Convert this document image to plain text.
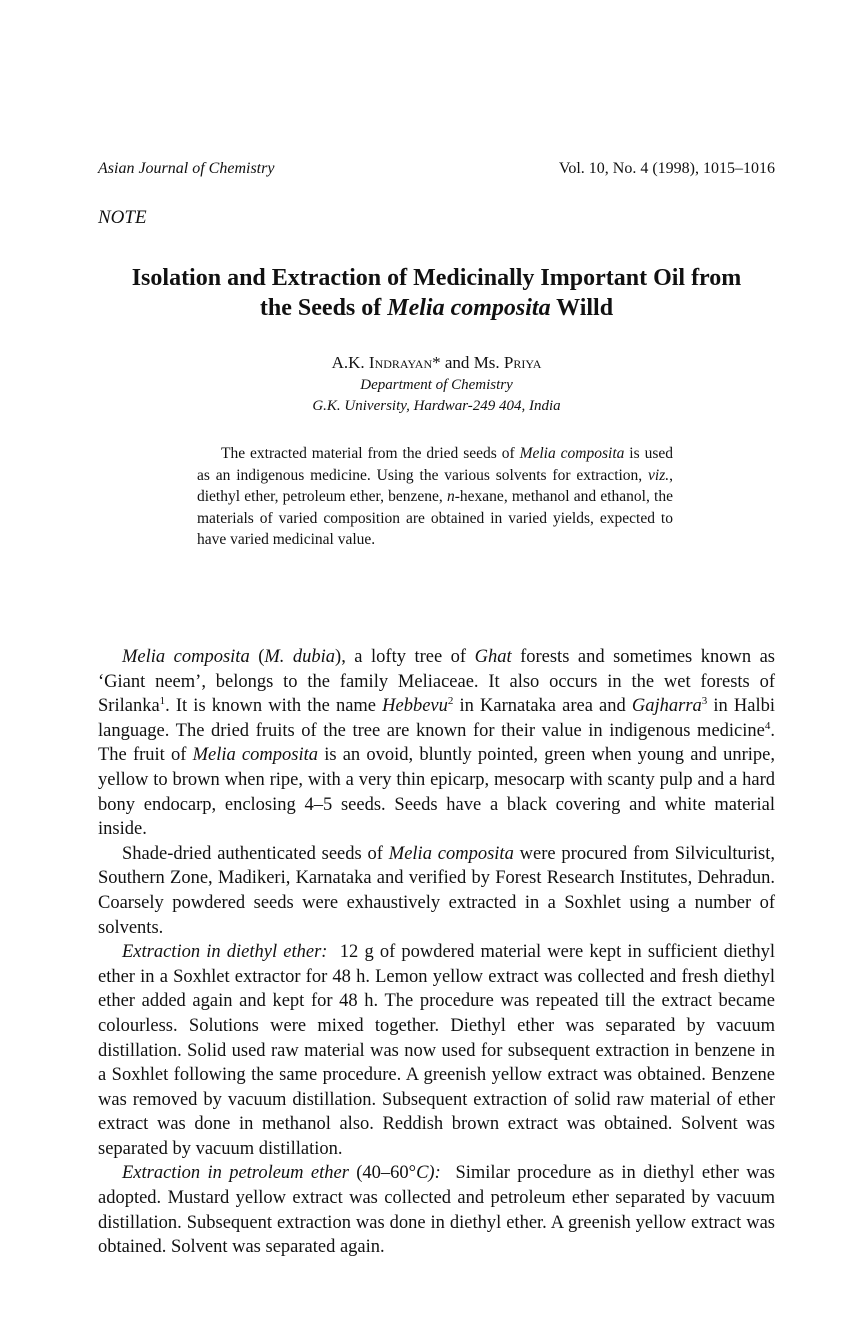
Asian Journal of Chemistry	Vol. 10, No. 4 (1998), 1015–1016
NOTE
Isolation and Extraction of Medicinally Important Oil from
the Seeds of Melia composita Willd
A.K. Indrayan* and Ms. Priya
Department of Chemistry
G.K. University, Hardwar-249 404, India
The extracted material from the dried seeds of Melia composita is used as an indigenous medicine. Using the various solvents for extraction, viz., diethyl ether, petroleum ether, benzene, n-hexane, methanol and ethanol, the materials of varied composition are obtained in varied yields, expected to have varied medicinal value.

Melia composita (M. dubia), a lofty tree of Ghat forests and sometimes known as ‘Giant neem’, belongs to the family Meliaceae. It also occurs in the wet forests of Srilanka$^1$. It is known with the name Hebbevu$^2$ in Karnataka area and Gajharra$^3$ in Halbi language. The dried fruits of the tree are known for their value in indigenous medicine$^4$. The fruit of Melia composita is an ovoid, bluntly pointed, green when young and unripe, yellow to brown when ripe, with a very thin epicarp, mesocarp with scanty pulp and a hard bony endocarp, enclosing 4–5 seeds. Seeds have a black covering and white material inside.

Shade-dried authenticated seeds of Melia composita were procured from Silviculturist, Southern Zone, Madikeri, Karnataka and verified by Forest Research Institutes, Dehradun. Coarsely powdered seeds were exhaustively extracted in a Soxhlet using a number of solvents.

Extraction in diethyl ether:  12 g of powdered material were kept in sufficient diethyl ether in a Soxhlet extractor for 48 h. Lemon yellow extract was collected and fresh diethyl ether added again and kept for 48 h. The procedure was repeated till the extract became colourless. Solutions were mixed together. Diethyl ether was separated by vacuum distillation. Solid used raw material was now used for subsequent extraction in benzene in a Soxhlet following the same procedure. A greenish yellow extract was obtained. Benzene was removed by vacuum distillation. Subsequent extraction of solid raw material of ether extract was done in methanol also. Reddish brown extract was obtained. Solvent was separated by vacuum distillation.

Extraction in petroleum ether (40–60°C):  Similar procedure as in diethyl ether was adopted. Mustard yellow extract was collected and petroleum ether separated by vacuum distillation. Subsequent extraction was done in diethyl ether. A greenish yellow extract was obtained. Solvent was separated again.
